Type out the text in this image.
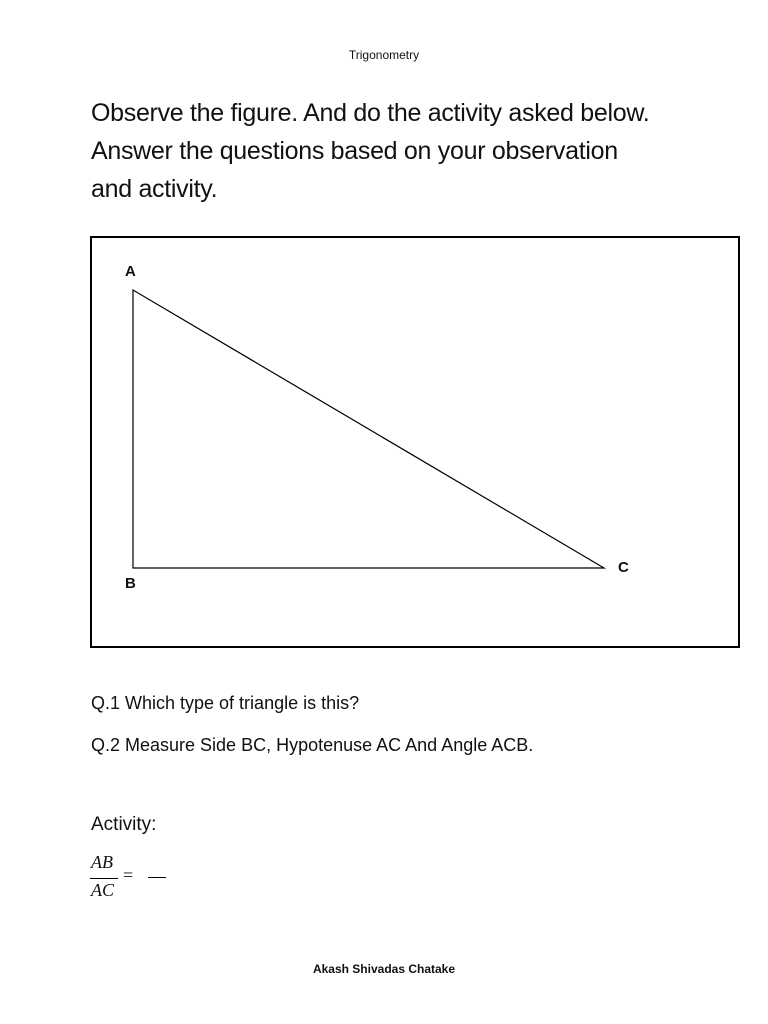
Trigonometry
Observe the figure. And do the activity asked below. Answer the questions based on your observation and activity.
A
B
C
Q.1 Which type of triangle is this?
Q.2 Measure Side BC, Hypotenuse AC And Angle ACB.
Activity:
AB
AC
=
Akash Shivadas Chatake
